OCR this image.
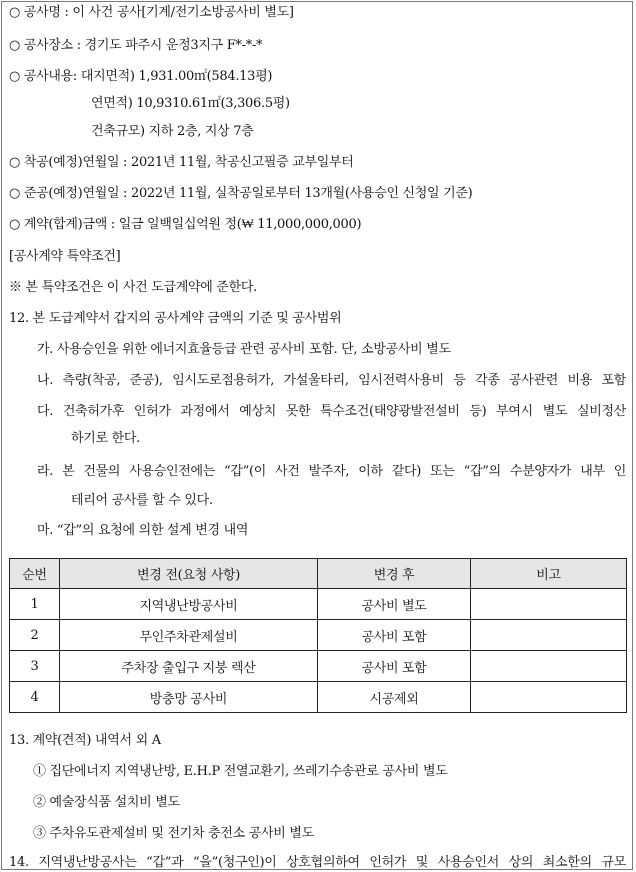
○ 공사명 : 이 사건 공사[기계/전기소방공사비 별도]
○ 공사장소 : 경기도 파주시 운정3지구 F*-*-*
○ 공사내용: 대지면적) 1,931.00㎡(584.13평)
연면적) 10,9310.61㎡(3,306.5평)
건축규모) 지하 2층, 지상 7층
○ 착공(예정)연월일 : 2021년 11월, 착공신고필증 교부일부터
○ 준공(예정)연월일 : 2022년 11월, 실착공일로부터 13개월(사용승인 신청일 기준)
○ 계약(합계)금액 : 일금 일백일십억원 정(₩ 11,000,000,000)
[공사계약 특약조건]
※ 본 특약조건은 이 사건 도급계약에 준한다.
12. 본 도급계약서 갑지의 공사계약 금액의 기준 및 공사범위
가. 사용승인을 위한 에너지효율등급 관련 공사비 포함. 단, 소방공사비 별도
나. 측량(착공, 준공), 임시도로점용허가, 가설울타리, 임시전력사용비 등 각종 공사관련 비용 포함
다. 건축허가후 인허가 과정에서 예상치 못한 특수조건(태양광발전설비 등) 부여시 별도 실비정산
하기로 한다.
라. 본 건물의 사용승인전에는 “갑”(이 사건 발주자, 이하 같다) 또는 “갑”의 수분양자가 내부 인
테리어 공사를 할 수 있다.
마. “갑”의 요청에 의한 설계 변경 내역
순번	변경 전(요청 사항)	변경 후	비고
1	지역냉난방공사비	공사비 별도	
2	무인주차관제설비	공사비 포함	
3	주차장 출입구 지붕 렉산	공사비 포함	
4	방충망 공사비	시공제외	
13. 계약(견적) 내역서 외 A
① 집단에너지 지역냉난방, E.H.P 전열교환기, 쓰레기수송관로 공사비 별도
② 예술장식품 설치비 별도
③ 주차유도관제설비 및 전기차 충전소 공사비 별도
14. 지역냉난방공사는 “갑”과 “을”(청구인)이 상호협의하여 인허가 및 사용승인서 상의 최소한의 규모
